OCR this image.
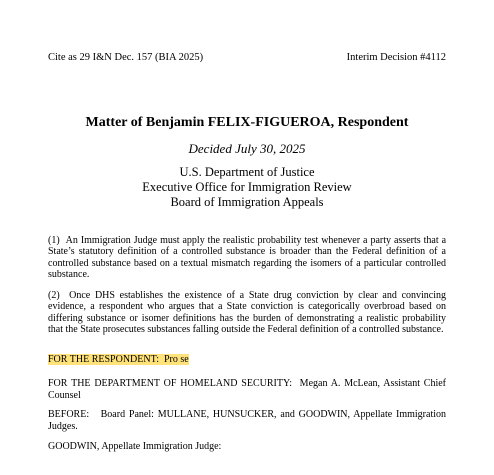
Cite as 29 I&N Dec. 157 (BIA 2025)	Interim Decision #4112
Matter of Benjamin FELIX-FIGUEROA, Respondent
Decided July 30, 2025
U.S. Department of Justice
Executive Office for Immigration Review
Board of Immigration Appeals
(1) An Immigration Judge must apply the realistic probability test whenever a party asserts that a State’s statutory definition of a controlled substance is broader than the Federal definition of a controlled substance based on a textual mismatch regarding the isomers of a particular controlled substance.
(2) Once DHS establishes the existence of a State drug conviction by clear and convincing evidence, a respondent who argues that a State conviction is categorically overbroad based on differing substance or isomer definitions has the burden of demonstrating a realistic probability that the State prosecutes substances falling outside the Federal definition of a controlled substance.
FOR THE RESPONDENT: Pro se
FOR THE DEPARTMENT OF HOMELAND SECURITY: Megan A. McLean, Assistant Chief Counsel
BEFORE: Board Panel: MULLANE, HUNSUCKER, and GOODWIN, Appellate Immigration Judges.
GOODWIN, Appellate Immigration Judge:
